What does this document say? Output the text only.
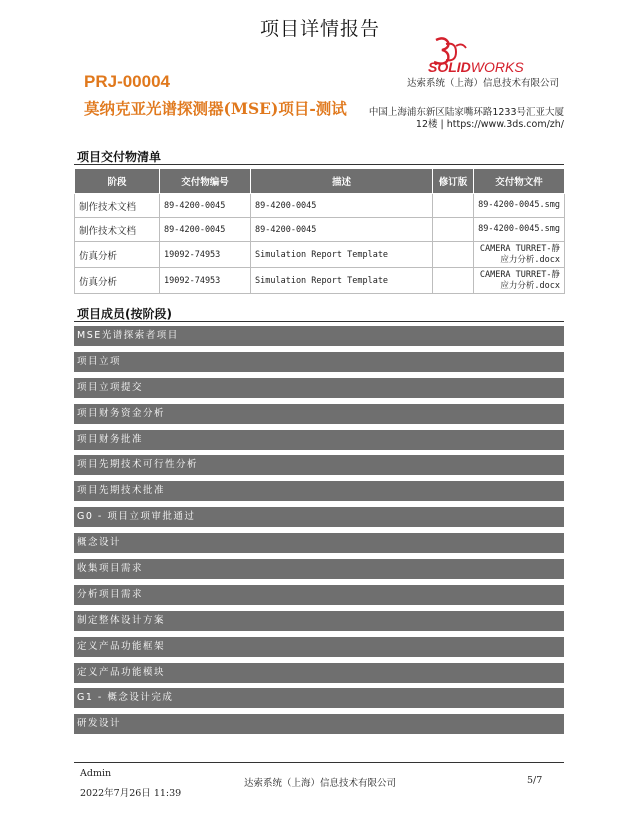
项目详情报告
SOLIDWORKS
达索系统（上海）信息技术有限公司
PRJ-00004
莫纳克亚光谱探测器(MSE)项目-测试 中国上海浦东新区陆家嘴环路1233号汇亚大厦
12楼 | https://www.3ds.com/zh/
项目交付物清单
阶段	交付物编号	描述	修订版	交付物文件
制作技术文档	89-4200-0045	89-4200-0045		89-4200-0045.smg
制作技术文档	89-4200-0045	89-4200-0045		89-4200-0045.smg
仿真分析	19092-74953	Simulation Report Template		CAMERA TURRET-静应力分析.docx
仿真分析	19092-74953	Simulation Report Template		CAMERA TURRET-静应力分析.docx
项目成员(按阶段)
MSE光谱探索者项目
项目立项
项目立项提交
项目财务资金分析
项目财务批准
项目先期技术可行性分析
项目先期技术批准
G0 - 项目立项审批通过
概念设计
收集项目需求
分析项目需求
制定整体设计方案
定义产品功能框架
定义产品功能模块
G1 - 概念设计完成
研发设计
Admin
2022年7月26日 11:39
达索系统（上海）信息技术有限公司	5/7
